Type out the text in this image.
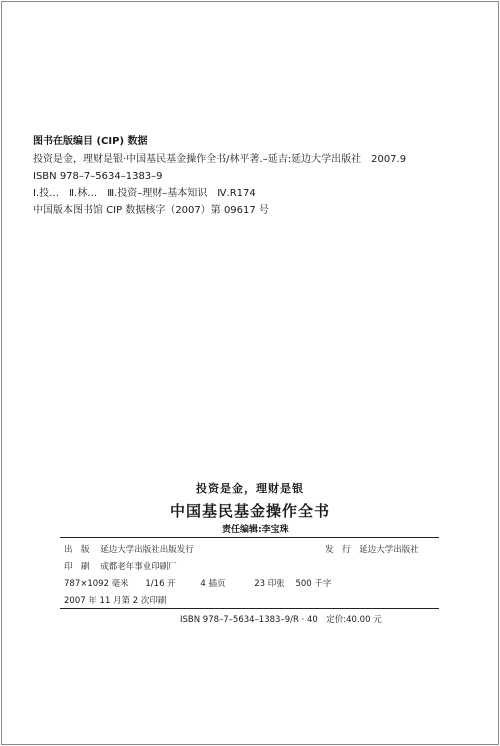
图书在版编目 (CIP) 数据
投资是金，理财是银·中国基民基金操作全书/林平著.–延吉:延边大学出版社　2007.9
ISBN 978–7–5634–1383–9
Ⅰ.投…　Ⅱ.林…　Ⅲ.投资–理财–基本知识　Ⅳ.R174
中国版本图书馆 CIP 数据核字（2007）第 09617 号
投资是金，理财是银
中国基民基金操作全书
责任编辑:李宝珠
出　版 延边大学出版社出版发行	发　行 延边大学出版社
印　刷 成都老年事业印刷厂
787×1092 毫米 1/16 开	4 插页	23 印张 500 千字
2007 年 11 月第 2 次印刷
ISBN 978–7–5634–1383–9/R · 40　定价:40.00 元
